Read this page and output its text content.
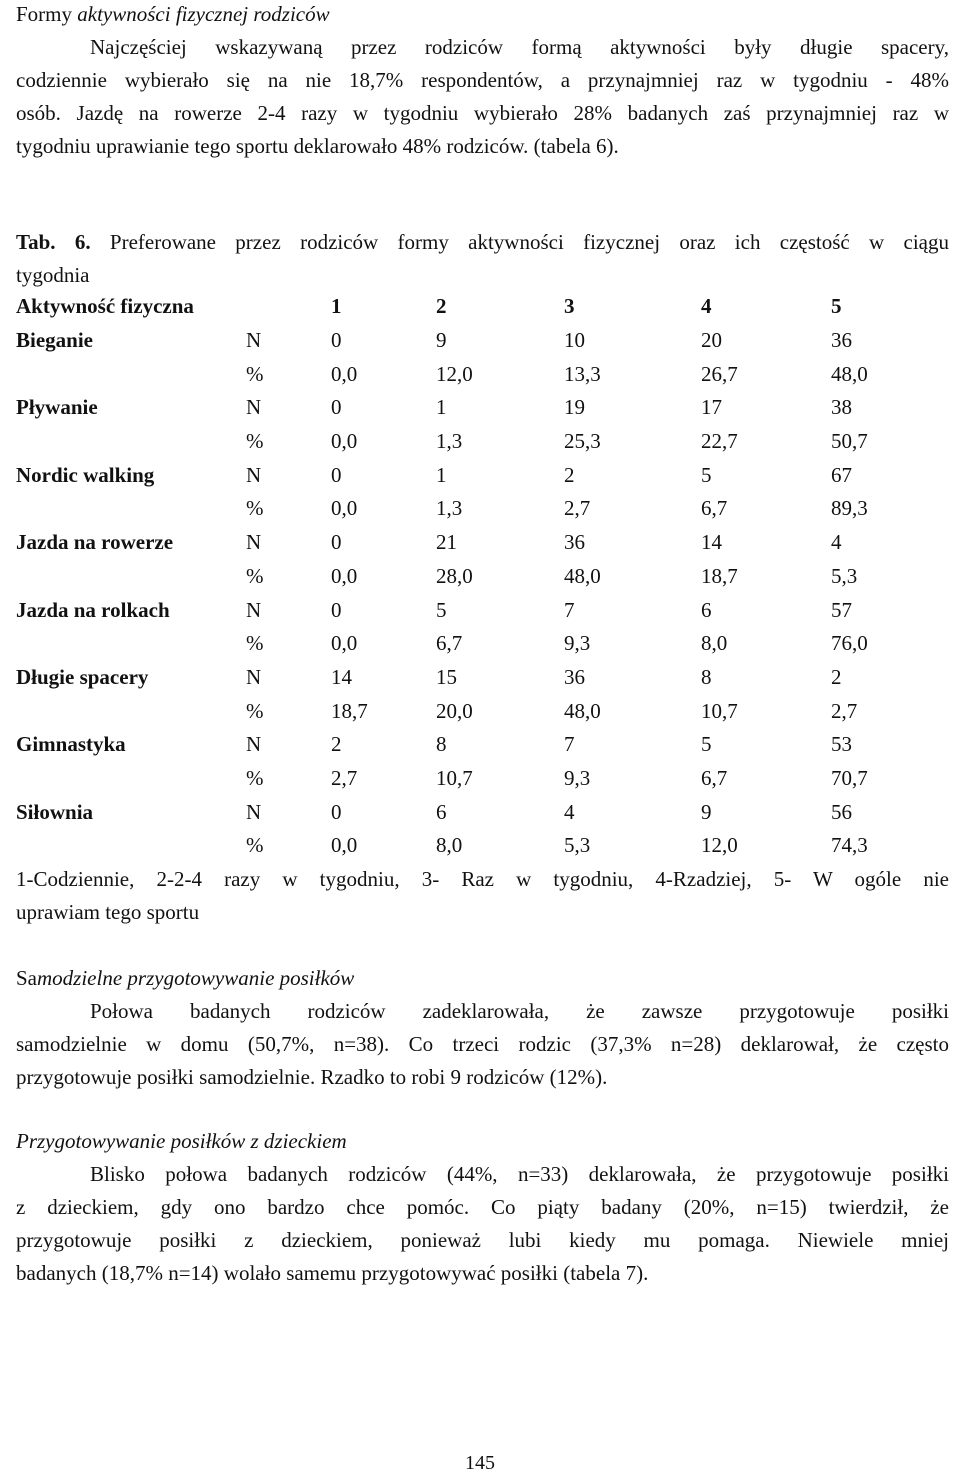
Formy aktywności fizycznej rodziców
Najczęściej wskazywaną przez rodziców formą aktywności były długie spacery,
codziennie wybierało się na nie 18,7% respondentów, a przynajmniej raz w tygodniu - 48%
osób. Jazdę na rowerze 2-4 razy w tygodniu wybierało 28% badanych zaś przynajmniej raz w
tygodniu uprawianie tego sportu deklarowało 48% rodziców. (tabela 6).
Tab. 6. Preferowane przez rodziców formy aktywności fizycznej oraz ich częstość w ciągu
tygodnia
Aktywność fizyczna		1	2	3	4	5
Bieganie	N	0	9	10	20	36
	%	0,0	12,0	13,3	26,7	48,0
Pływanie	N	0	1	19	17	38
	%	0,0	1,3	25,3	22,7	50,7
Nordic walking	N	0	1	2	5	67
	%	0,0	1,3	2,7	6,7	89,3
Jazda na rowerze	N	0	21	36	14	4
	%	0,0	28,0	48,0	18,7	5,3
Jazda na rolkach	N	0	5	7	6	57
	%	0,0	6,7	9,3	8,0	76,0
Długie spacery	N	14	15	36	8	2
	%	18,7	20,0	48,0	10,7	2,7
Gimnastyka	N	2	8	7	5	53
	%	2,7	10,7	9,3	6,7	70,7
Siłownia	N	0	6	4	9	56
	%	0,0	8,0	5,3	12,0	74,3
1-Codziennie, 2-2-4 razy w tygodniu, 3- Raz w tygodniu, 4-Rzadziej, 5- W ogóle nie
uprawiam tego sportu
Samodzielne przygotowywanie posiłków
Połowa badanych rodziców zadeklarowała, że zawsze przygotowuje posiłki
samodzielnie w domu (50,7%, n=38). Co trzeci rodzic (37,3% n=28) deklarował, że często
przygotowuje posiłki samodzielnie. Rzadko to robi 9 rodziców (12%).
Przygotowywanie posiłków z dzieckiem
Blisko połowa badanych rodziców (44%, n=33) deklarowała, że przygotowuje posiłki
z dzieckiem, gdy ono bardzo chce pomóc. Co piąty badany (20%, n=15) twierdził, że
przygotowuje posiłki z dzieckiem, ponieważ lubi kiedy mu pomaga. Niewiele mniej
badanych (18,7% n=14) wolało samemu przygotowywać posiłki (tabela 7).
145
